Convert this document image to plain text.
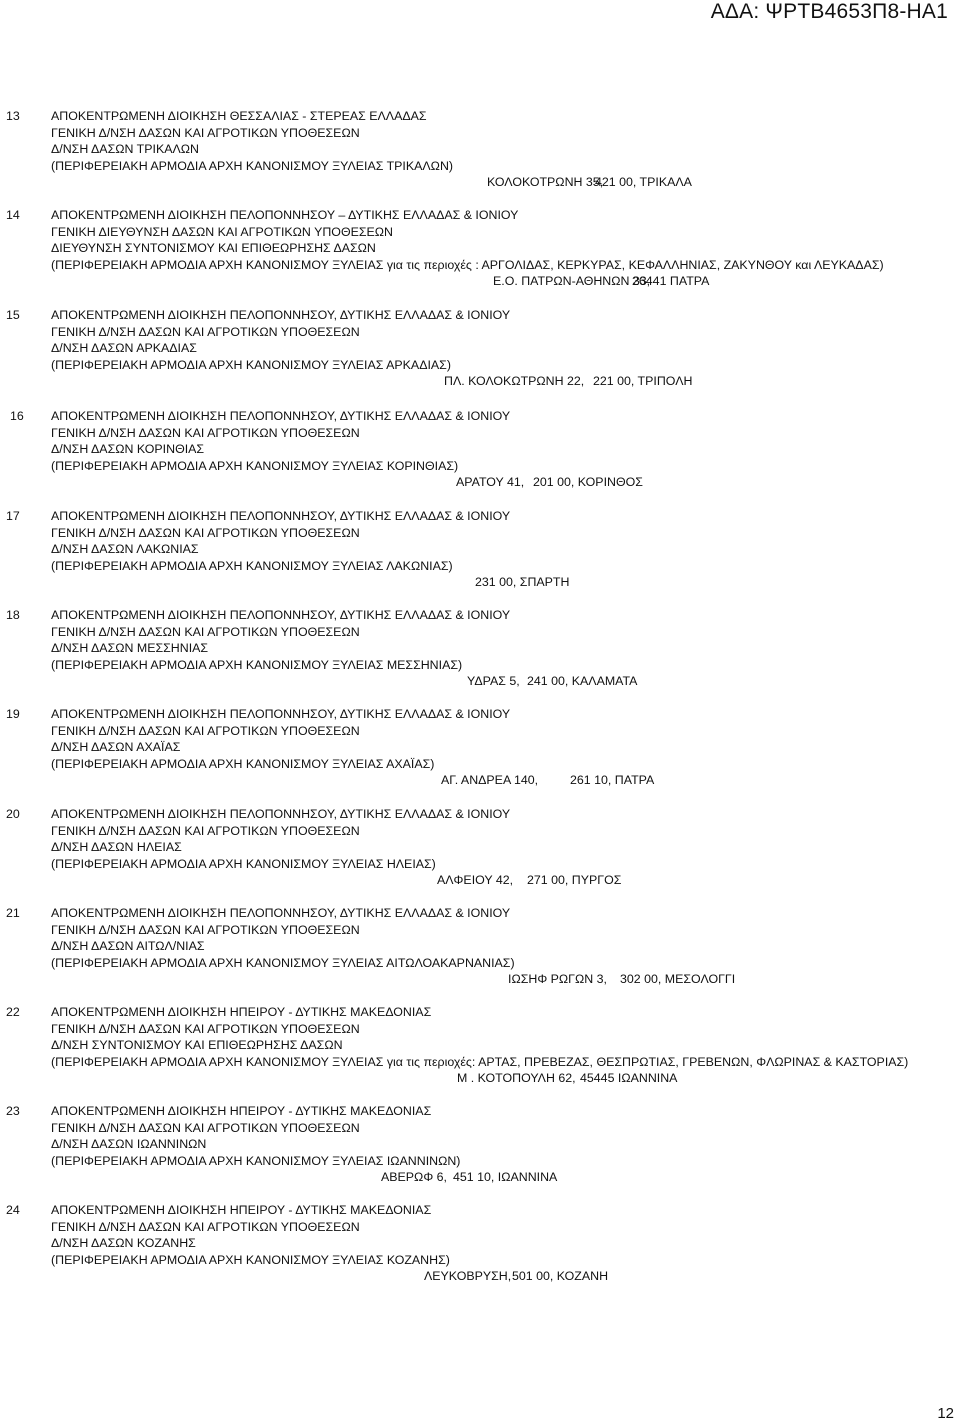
ΑΔΑ: ΨΡΤΒ4653Π8-ΗΑ1
13	ΑΠΟΚΕΝΤΡΩΜΕΝΗ ΔΙΟΙΚΗΣΗ ΘΕΣΣΑΛΙΑΣ - ΣΤΕΡΕΑΣ ΕΛΛΑΔΑΣ
ΓΕΝΙΚΗ Δ/ΝΣΗ ΔΑΣΩΝ ΚΑΙ ΑΓΡΟΤΙΚΩΝ ΥΠΟΘΕΣΕΩΝ
Δ/ΝΣΗ ΔΑΣΩΝ ΤΡΙΚΑΛΩΝ
(ΠΕΡΙΦΕΡΕΙΑΚΗ ΑΡΜΟΔΙΑ ΑΡΧΗ ΚΑΝΟΝΙΣΜΟΥ ΞΥΛΕΙΑΣ ΤΡΙΚΑΛΩΝ)
ΚΟΛΟΚΟΤΡΩΝΗ 35,
421 00, ΤΡΙΚΑΛΑ
14	ΑΠΟΚΕΝΤΡΩΜΕΝΗ ΔΙΟΙΚΗΣΗ ΠΕΛΟΠΟΝΝΗΣΟΥ – ΔΥΤΙΚΗΣ ΕΛΛΑΔΑΣ & ΙΟΝΙΟΥ
ΓΕΝΙΚΗ ΔΙΕΥΘΥΝΣΗ ΔΑΣΩΝ ΚΑΙ ΑΓΡΟΤΙΚΩΝ ΥΠΟΘΕΣΕΩΝ
ΔΙΕΥΘΥΝΣΗ ΣΥΝΤΟΝΙΣΜΟΥ ΚΑΙ ΕΠΙΘΕΩΡΗΣΗΣ ΔΑΣΩΝ
(ΠΕΡΙΦΕΡΕΙΑΚΗ ΑΡΜΟΔΙΑ ΑΡΧΗ ΚΑΝΟΝΙΣΜΟΥ ΞΥΛΕΙΑΣ για τις περιοχές : ΑΡΓΟΛΙΔΑΣ, ΚΕΡΚΥΡΑΣ, ΚΕΦΑΛΛΗΝΙΑΣ, ΖΑΚΥΝΘΟΥ και ΛΕΥΚΑΔΑΣ)
Ε.Ο. ΠΑΤΡΩΝ-ΑΘΗΝΩΝ 33,
26441 ΠΑΤΡΑ
15	ΑΠΟΚΕΝΤΡΩΜΕΝΗ ΔΙΟΙΚΗΣΗ ΠΕΛΟΠΟΝΝΗΣΟΥ, ΔΥΤΙΚΗΣ ΕΛΛΑΔΑΣ & ΙΟΝΙΟΥ
ΓΕΝΙΚΗ Δ/ΝΣΗ ΔΑΣΩΝ ΚΑΙ ΑΓΡΟΤΙΚΩΝ ΥΠΟΘΕΣΕΩΝ
Δ/ΝΣΗ ΔΑΣΩΝ ΑΡΚΑΔΙΑΣ
(ΠΕΡΙΦΕΡΕΙΑΚΗ ΑΡΜΟΔΙΑ ΑΡΧΗ ΚΑΝΟΝΙΣΜΟΥ ΞΥΛΕΙΑΣ ΑΡΚΑΔΙΑΣ)
ΠΛ. ΚΟΛΟΚΩΤΡΩΝΗ 22, 221 00, ΤΡΙΠΟΛΗ
16 ΑΠΟΚΕΝΤΡΩΜΕΝΗ ΔΙΟΙΚΗΣΗ ΠΕΛΟΠΟΝΝΗΣΟΥ, ΔΥΤΙΚΗΣ ΕΛΛΑΔΑΣ & ΙΟΝΙΟΥ
ΓΕΝΙΚΗ Δ/ΝΣΗ ΔΑΣΩΝ ΚΑΙ ΑΓΡΟΤΙΚΩΝ ΥΠΟΘΕΣΕΩΝ
Δ/ΝΣΗ ΔΑΣΩΝ ΚΟΡΙΝΘΙΑΣ
(ΠΕΡΙΦΕΡΕΙΑΚΗ ΑΡΜΟΔΙΑ ΑΡΧΗ ΚΑΝΟΝΙΣΜΟΥ ΞΥΛΕΙΑΣ ΚΟΡΙΝΘΙΑΣ)
ΑΡΑΤΟΥ 41, 201 00, ΚΟΡΙΝΘΟΣ
17	ΑΠΟΚΕΝΤΡΩΜΕΝΗ ΔΙΟΙΚΗΣΗ ΠΕΛΟΠΟΝΝΗΣΟΥ, ΔΥΤΙΚΗΣ ΕΛΛΑΔΑΣ & ΙΟΝΙΟΥ
ΓΕΝΙΚΗ Δ/ΝΣΗ ΔΑΣΩΝ ΚΑΙ ΑΓΡΟΤΙΚΩΝ ΥΠΟΘΕΣΕΩΝ
Δ/ΝΣΗ ΔΑΣΩΝ ΛΑΚΩΝΙΑΣ
(ΠΕΡΙΦΕΡΕΙΑΚΗ ΑΡΜΟΔΙΑ ΑΡΧΗ ΚΑΝΟΝΙΣΜΟΥ ΞΥΛΕΙΑΣ ΛΑΚΩΝΙΑΣ)
231 00, ΣΠΑΡΤΗ
18	ΑΠΟΚΕΝΤΡΩΜΕΝΗ ΔΙΟΙΚΗΣΗ ΠΕΛΟΠΟΝΝΗΣΟΥ, ΔΥΤΙΚΗΣ ΕΛΛΑΔΑΣ & ΙΟΝΙΟΥ
ΓΕΝΙΚΗ Δ/ΝΣΗ ΔΑΣΩΝ ΚΑΙ ΑΓΡΟΤΙΚΩΝ ΥΠΟΘΕΣΕΩΝ
Δ/ΝΣΗ ΔΑΣΩΝ ΜΕΣΣΗΝΙΑΣ
(ΠΕΡΙΦΕΡΕΙΑΚΗ ΑΡΜΟΔΙΑ ΑΡΧΗ ΚΑΝΟΝΙΣΜΟΥ ΞΥΛΕΙΑΣ ΜΕΣΣΗΝΙΑΣ)
ΥΔΡΑΣ 5, 241 00, ΚΑΛΑΜΑΤΑ
19	ΑΠΟΚΕΝΤΡΩΜΕΝΗ ΔΙΟΙΚΗΣΗ ΠΕΛΟΠΟΝΝΗΣΟΥ, ΔΥΤΙΚΗΣ ΕΛΛΑΔΑΣ & ΙΟΝΙΟΥ
ΓΕΝΙΚΗ Δ/ΝΣΗ ΔΑΣΩΝ ΚΑΙ ΑΓΡΟΤΙΚΩΝ ΥΠΟΘΕΣΕΩΝ
Δ/ΝΣΗ ΔΑΣΩΝ ΑΧΑΪΑΣ
(ΠΕΡΙΦΕΡΕΙΑΚΗ ΑΡΜΟΔΙΑ ΑΡΧΗ ΚΑΝΟΝΙΣΜΟΥ ΞΥΛΕΙΑΣ ΑΧΑΪΑΣ)
ΑΓ. ΑΝΔΡΕΑ 140,	261 10, ΠΑΤΡΑ
20	ΑΠΟΚΕΝΤΡΩΜΕΝΗ ΔΙΟΙΚΗΣΗ ΠΕΛΟΠΟΝΝΗΣΟΥ, ΔΥΤΙΚΗΣ ΕΛΛΑΔΑΣ & ΙΟΝΙΟΥ
ΓΕΝΙΚΗ Δ/ΝΣΗ ΔΑΣΩΝ ΚΑΙ ΑΓΡΟΤΙΚΩΝ ΥΠΟΘΕΣΕΩΝ
Δ/ΝΣΗ ΔΑΣΩΝ ΗΛΕΙΑΣ
(ΠΕΡΙΦΕΡΕΙΑΚΗ ΑΡΜΟΔΙΑ ΑΡΧΗ ΚΑΝΟΝΙΣΜΟΥ ΞΥΛΕΙΑΣ ΗΛΕΙΑΣ)
ΑΛΦΕΙΟΥ 42, 271 00, ΠΥΡΓΟΣ
21	ΑΠΟΚΕΝΤΡΩΜΕΝΗ ΔΙΟΙΚΗΣΗ ΠΕΛΟΠΟΝΝΗΣΟΥ, ΔΥΤΙΚΗΣ ΕΛΛΑΔΑΣ & ΙΟΝΙΟΥ
ΓΕΝΙΚΗ Δ/ΝΣΗ ΔΑΣΩΝ ΚΑΙ ΑΓΡΟΤΙΚΩΝ ΥΠΟΘΕΣΕΩΝ
Δ/ΝΣΗ ΔΑΣΩΝ ΑΙΤΩΛ/ΝΙΑΣ
(ΠΕΡΙΦΕΡΕΙΑΚΗ ΑΡΜΟΔΙΑ ΑΡΧΗ ΚΑΝΟΝΙΣΜΟΥ ΞΥΛΕΙΑΣ ΑΙΤΩΛΟΑΚΑΡΝΑΝΙΑΣ)
ΙΩΣΗΦ ΡΩΓΩΝ 3, 302 00, ΜΕΣΟΛΟΓΓΙ
22	ΑΠΟΚΕΝΤΡΩΜΕΝΗ ΔΙΟΙΚΗΣΗ ΗΠΕΙΡΟΥ - ΔΥΤΙΚΗΣ ΜΑΚΕΔΟΝΙΑΣ
ΓΕΝΙΚΗ Δ/ΝΣΗ ΔΑΣΩΝ ΚΑΙ ΑΓΡΟΤΙΚΩΝ ΥΠΟΘΕΣΕΩΝ
Δ/ΝΣΗ ΣΥΝΤΟΝΙΣΜΟΥ ΚΑΙ ΕΠΙΘΕΩΡΗΣΗΣ ΔΑΣΩΝ
(ΠΕΡΙΦΕΡΕΙΑΚΗ ΑΡΜΟΔΙΑ ΑΡΧΗ ΚΑΝΟΝΙΣΜΟΥ ΞΥΛΕΙΑΣ για τις περιοχές: ΑΡΤΑΣ, ΠΡΕΒΕΖΑΣ, ΘΕΣΠΡΩΤΙΑΣ, ΓΡΕΒΕΝΩΝ, ΦΛΩΡΙΝΑΣ & ΚΑΣΤΟΡΙΑΣ)
Μ . ΚΟΤΟΠΟΥΛΗ 62, 45445 ΙΩΑΝΝΙΝΑ
23	ΑΠΟΚΕΝΤΡΩΜΕΝΗ ΔΙΟΙΚΗΣΗ ΗΠΕΙΡΟΥ - ΔΥΤΙΚΗΣ ΜΑΚΕΔΟΝΙΑΣ
ΓΕΝΙΚΗ Δ/ΝΣΗ ΔΑΣΩΝ ΚΑΙ ΑΓΡΟΤΙΚΩΝ ΥΠΟΘΕΣΕΩΝ
Δ/ΝΣΗ ΔΑΣΩΝ ΙΩΑΝΝΙΝΩΝ
(ΠΕΡΙΦΕΡΕΙΑΚΗ ΑΡΜΟΔΙΑ ΑΡΧΗ ΚΑΝΟΝΙΣΜΟΥ ΞΥΛΕΙΑΣ ΙΩΑΝΝΙΝΩΝ)
ΑΒΕΡΩΦ 6, 451 10, ΙΩΑΝΝΙΝΑ
24	ΑΠΟΚΕΝΤΡΩΜΕΝΗ ΔΙΟΙΚΗΣΗ ΗΠΕΙΡΟΥ - ΔΥΤΙΚΗΣ ΜΑΚΕΔΟΝΙΑΣ
ΓΕΝΙΚΗ Δ/ΝΣΗ ΔΑΣΩΝ ΚΑΙ ΑΓΡΟΤΙΚΩΝ ΥΠΟΘΕΣΕΩΝ
Δ/ΝΣΗ ΔΑΣΩΝ ΚΟΖΑΝΗΣ
(ΠΕΡΙΦΕΡΕΙΑΚΗ ΑΡΜΟΔΙΑ ΑΡΧΗ ΚΑΝΟΝΙΣΜΟΥ ΞΥΛΕΙΑΣ ΚΟΖΑΝΗΣ)
ΛΕΥΚΟΒΡΥΣΗ, 501 00, ΚΟΖΑΝΗ
12
